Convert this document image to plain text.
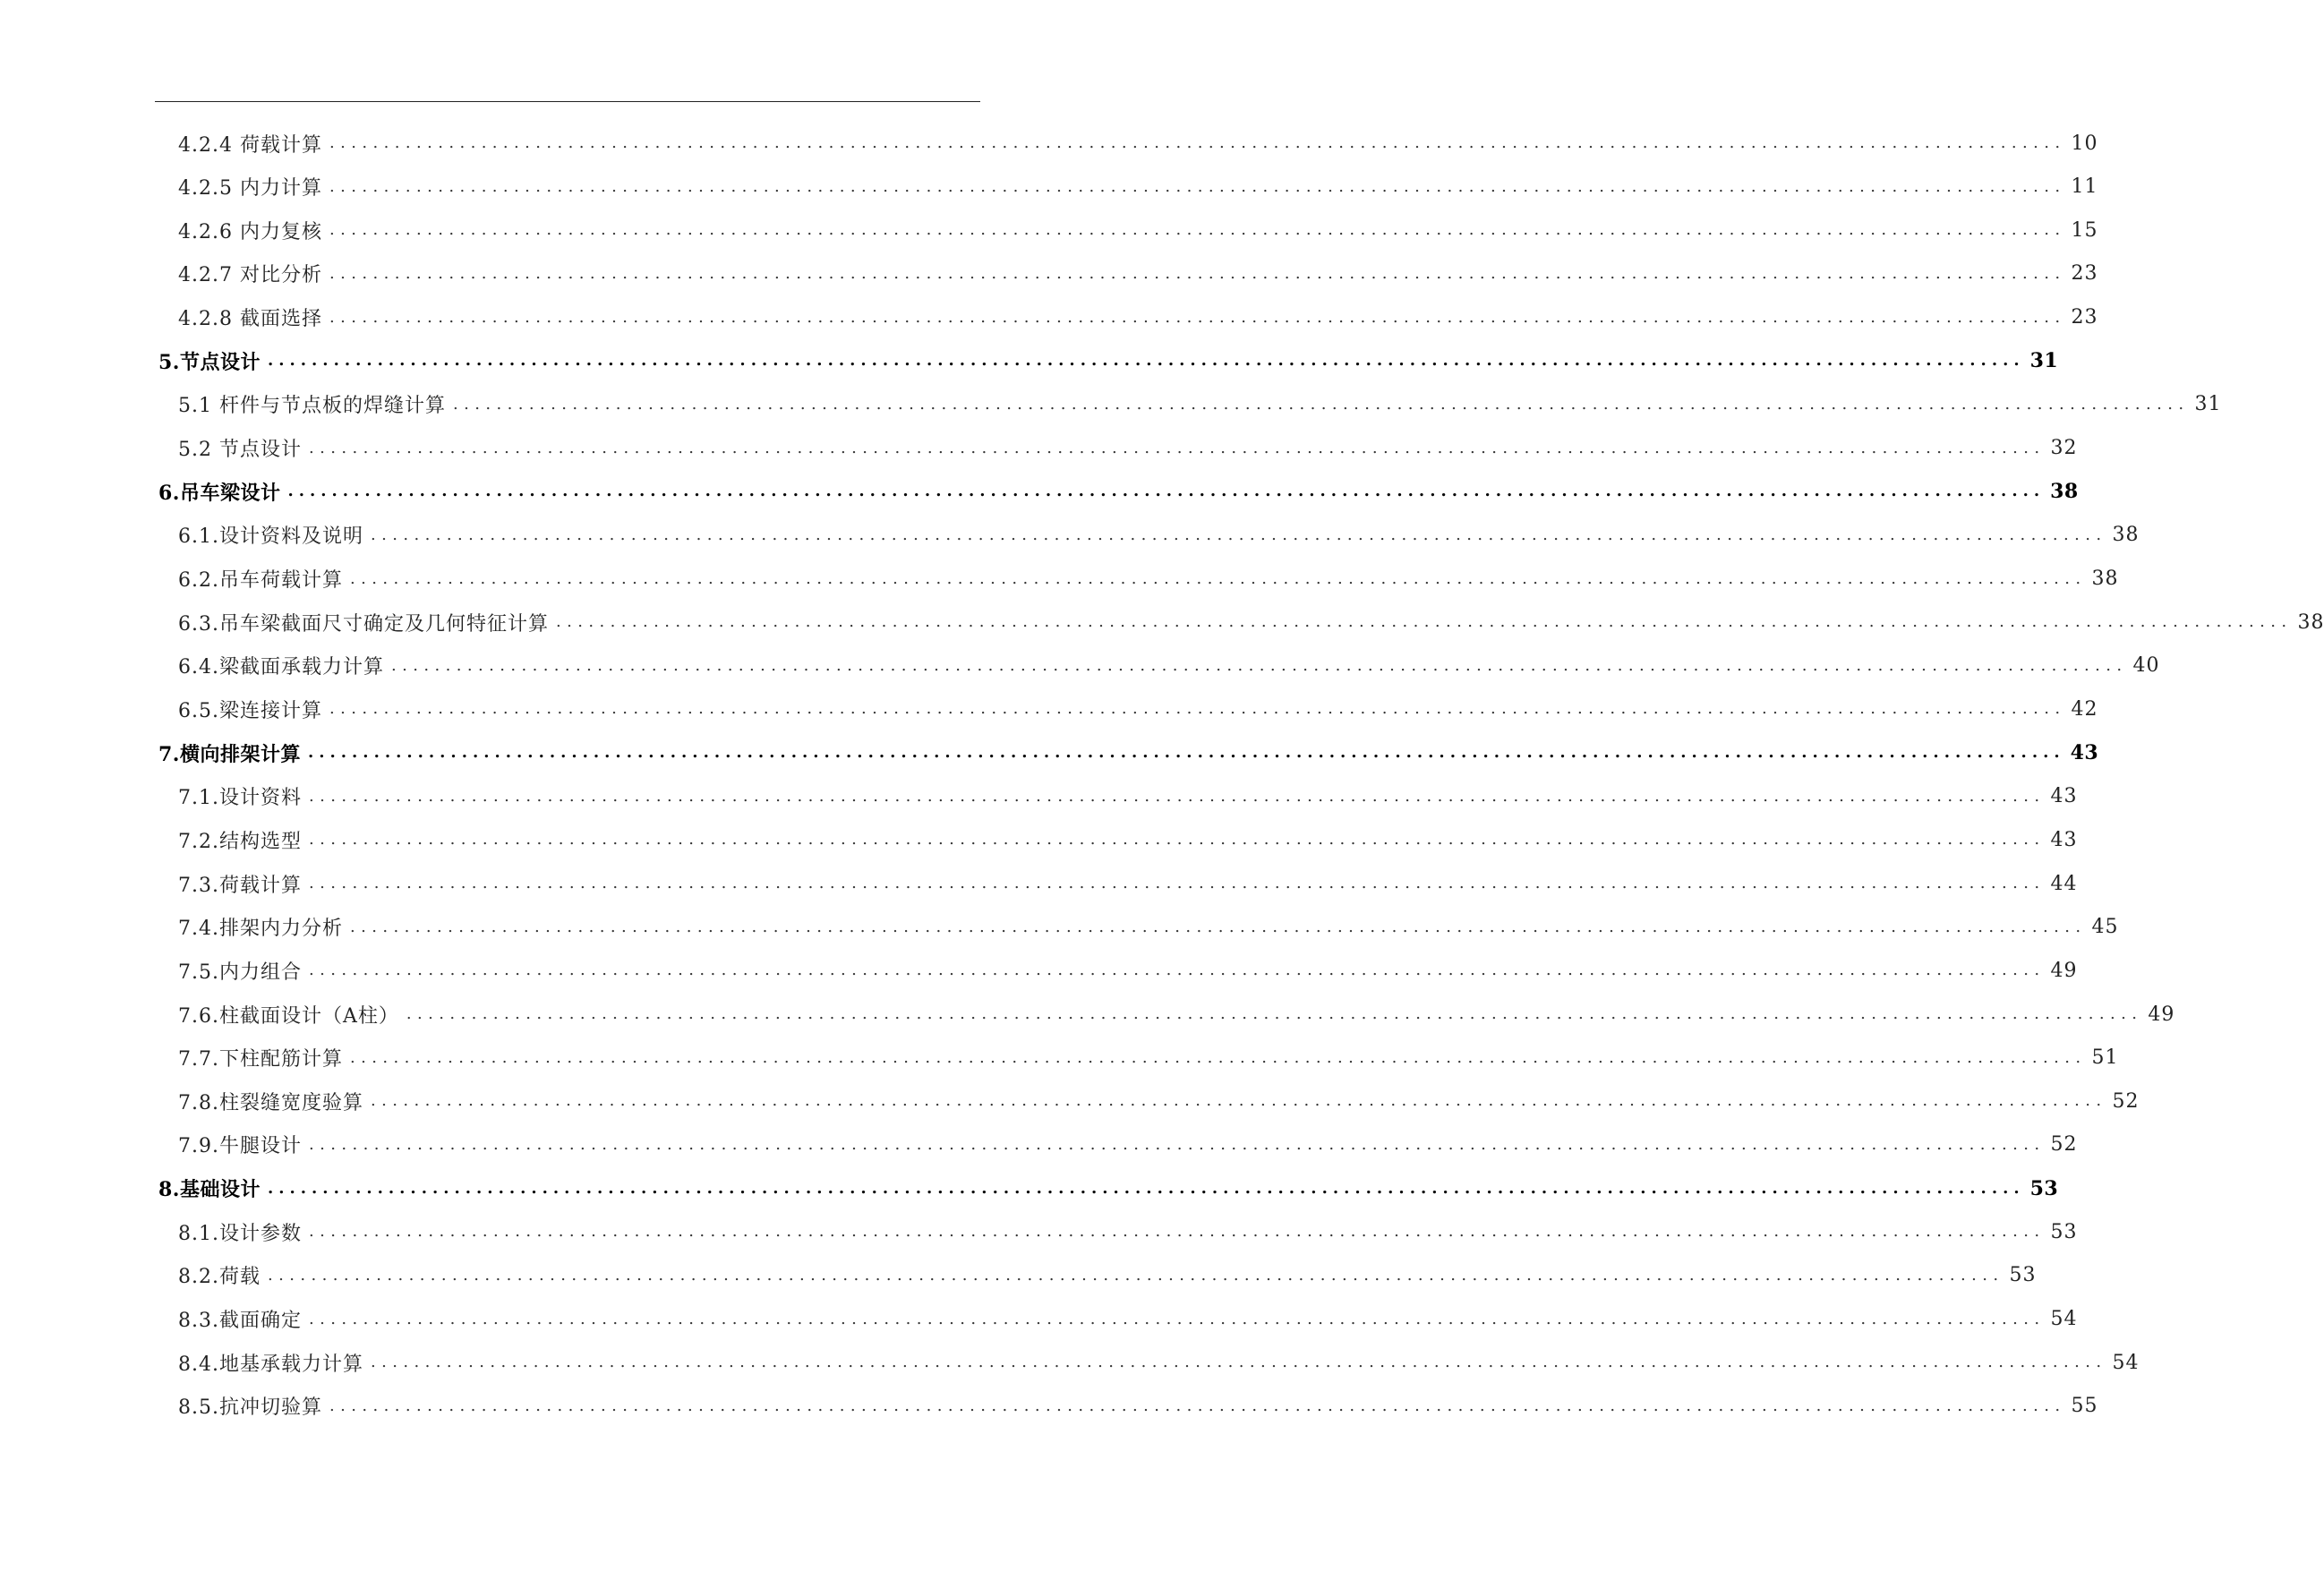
4.2.4 荷载计算 ................................................................................................................................................................ 10
4.2.5 内力计算 ................................................................................................................................................................ 11
4.2.6 内力复核 ................................................................................................................................................................ 15
4.2.7 对比分析 ................................................................................................................................................................ 23
4.2.8 截面选择 ................................................................................................................................................................ 23
5.节点设计 ................................................................................................................................................................ 31
5.1 杆件与节点板的焊缝计算 ................................................................................................................................................................ 31
5.2 节点设计 ................................................................................................................................................................ 32
6.吊车梁设计 ................................................................................................................................................................ 38
6.1.设计资料及说明 ................................................................................................................................................................ 38
6.2.吊车荷载计算 ................................................................................................................................................................ 38
6.3.吊车梁截面尺寸确定及几何特征计算 ................................................................................................................................................................ 38
6.4.梁截面承载力计算 ................................................................................................................................................................ 40
6.5.梁连接计算 ................................................................................................................................................................ 42
7.横向排架计算 ................................................................................................................................................................ 43
7.1.设计资料 ................................................................................................................................................................ 43
7.2.结构选型 ................................................................................................................................................................ 43
7.3.荷载计算 ................................................................................................................................................................ 44
7.4.排架内力分析 ................................................................................................................................................................ 45
7.5.内力组合 ................................................................................................................................................................ 49
7.6.柱截面设计（A柱） ................................................................................................................................................................ 49
7.7.下柱配筋计算 ................................................................................................................................................................ 51
7.8.柱裂缝宽度验算 ................................................................................................................................................................ 52
7.9.牛腿设计 ................................................................................................................................................................ 52
8.基础设计 ................................................................................................................................................................ 53
8.1.设计参数 ................................................................................................................................................................ 53
8.2.荷载 ................................................................................................................................................................ 53
8.3.截面确定 ................................................................................................................................................................ 54
8.4.地基承载力计算 ................................................................................................................................................................ 54
8.5.抗冲切验算 ................................................................................................................................................................ 55
